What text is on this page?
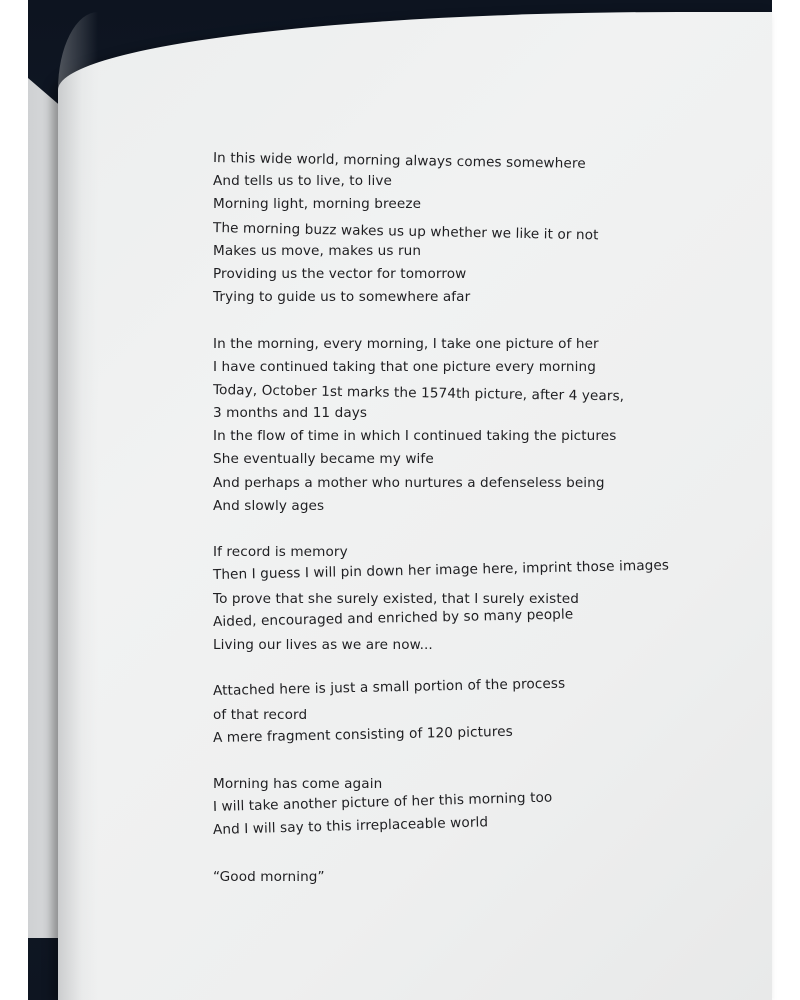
In this wide world, morning always comes somewhere
And tells us to live, to live
Morning light, morning breeze
The morning buzz wakes us up whether we like it or not
Makes us move, makes us run
Providing us the vector for tomorrow
Trying to guide us to somewhere afar
In the morning, every morning, I take one picture of her
I have continued taking that one picture every morning
Today, October 1st marks the 1574th picture, after 4 years,
3 months and 11 days
In the flow of time in which I continued taking the pictures
She eventually became my wife
And perhaps a mother who nurtures a defenseless being
And slowly ages
If record is memory
Then I guess I will pin down her image here, imprint those images
To prove that she surely existed, that I surely existed
Aided, encouraged and enriched by so many people
Living our lives as we are now...
Attached here is just a small portion of the process
of that record
A mere fragment consisting of 120 pictures
Morning has come again
I will take another picture of her this morning too
And I will say to this irreplaceable world
“Good morning”
